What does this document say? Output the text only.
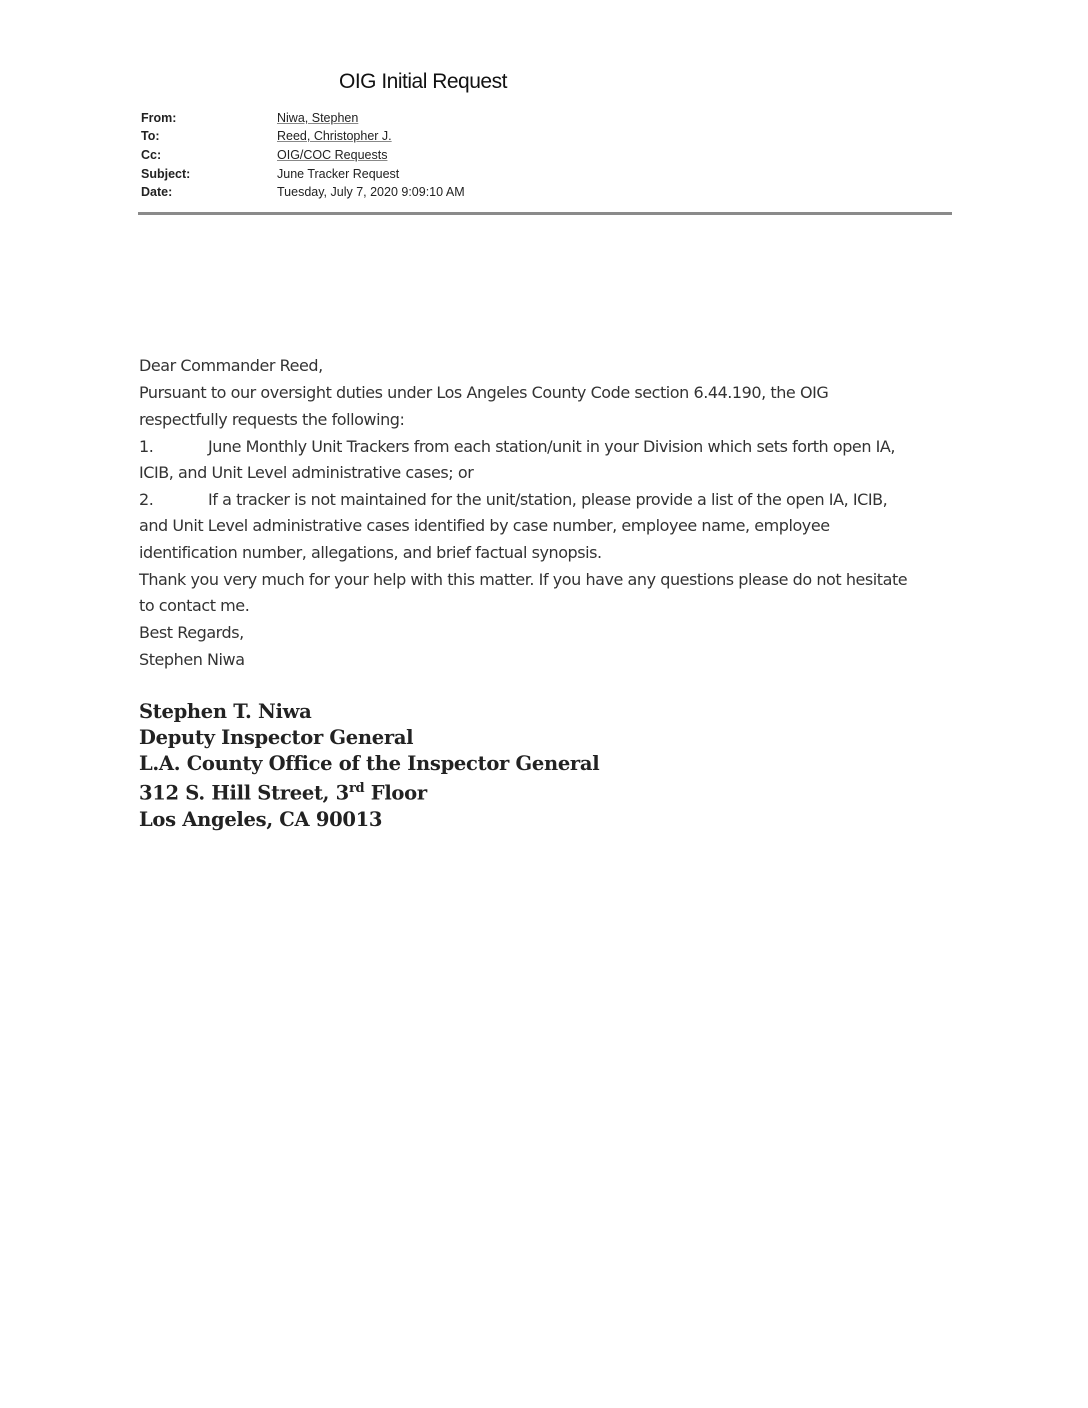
OIG Initial Request
From:	Niwa, Stephen
To:	Reed, Christopher J.
Cc:	OIG/COC Requests
Subject:	June Tracker Request
Date:	Tuesday, July 7, 2020 9:09:10 AM
Dear Commander Reed,
Pursuant to our oversight duties under Los Angeles County Code section 6.44.190, the OIG
respectfully requests the following:
1.	June Monthly Unit Trackers from each station/unit in your Division which sets forth open IA,
ICIB, and Unit Level administrative cases; or
2.	If a tracker is not maintained for the unit/station, please provide a list of the open IA, ICIB,
and Unit Level administrative cases identified by case number, employee name, employee
identification number, allegations, and brief factual synopsis.
Thank you very much for your help with this matter. If you have any questions please do not hesitate
to contact me.
Best Regards,
Stephen Niwa
Stephen T. Niwa
Deputy Inspector General
L.A. County Office of the Inspector General
312 S. Hill Street, 3rd Floor
Los Angeles, CA 90013
